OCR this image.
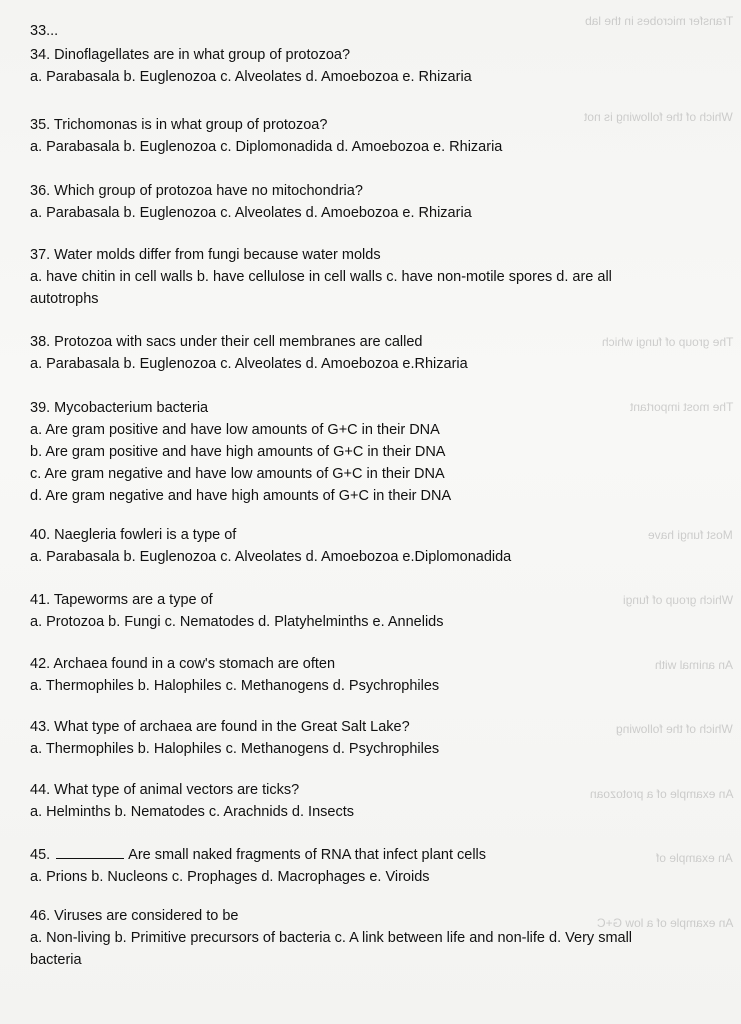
Transfer microbes in the lab
Which of the following is not
The group of fungi which
The most important
Most fungi have
Which group of fungi
An animal with
Which of the following
An example of a protozoan
An example of
An example of a low G+C
33...
34. Dinoflagellates are in what group of protozoa?
a. Parabasala b. Euglenozoa c. Alveolates d. Amoebozoa e. Rhizaria
35. Trichomonas is in what group of protozoa?
a. Parabasala b. Euglenozoa c. Diplomonadida d. Amoebozoa e. Rhizaria
36. Which group of protozoa have no mitochondria?
a. Parabasala b. Euglenozoa c. Alveolates d. Amoebozoa e. Rhizaria
37. Water molds differ from fungi because water molds
a. have chitin in cell walls b. have cellulose in cell walls c. have non-motile spores d. are all
autotrophs
38. Protozoa with sacs under their cell membranes are called
a. Parabasala b. Euglenozoa c. Alveolates d. Amoebozoa e.Rhizaria
39. Mycobacterium bacteria
a. Are gram positive and have low amounts of G+C in their DNA
b. Are gram positive and have high amounts of G+C in their DNA
c. Are gram negative and have low amounts of G+C in their DNA
d. Are gram negative and have high amounts of G+C in their DNA
40. Naegleria fowleri is a type of
a. Parabasala b. Euglenozoa c. Alveolates d. Amoebozoa e.Diplomonadida
41. Tapeworms are a type of
a. Protozoa b. Fungi c. Nematodes d. Platyhelminths e. Annelids
42. Archaea found in a cow's stomach are often
a. Thermophiles b. Halophiles c. Methanogens d. Psychrophiles
43. What type of archaea are found in the Great Salt Lake?
a. Thermophiles b. Halophiles c. Methanogens d. Psychrophiles
44. What type of animal vectors are ticks?
a. Helminths b. Nematodes c. Arachnids d. Insects
45.	Are small naked fragments of RNA that infect plant cells
a. Prions b. Nucleons c. Prophages d. Macrophages e. Viroids
46. Viruses are considered to be
a. Non-living b. Primitive precursors of bacteria c. A link between life and non-life d. Very small
bacteria
